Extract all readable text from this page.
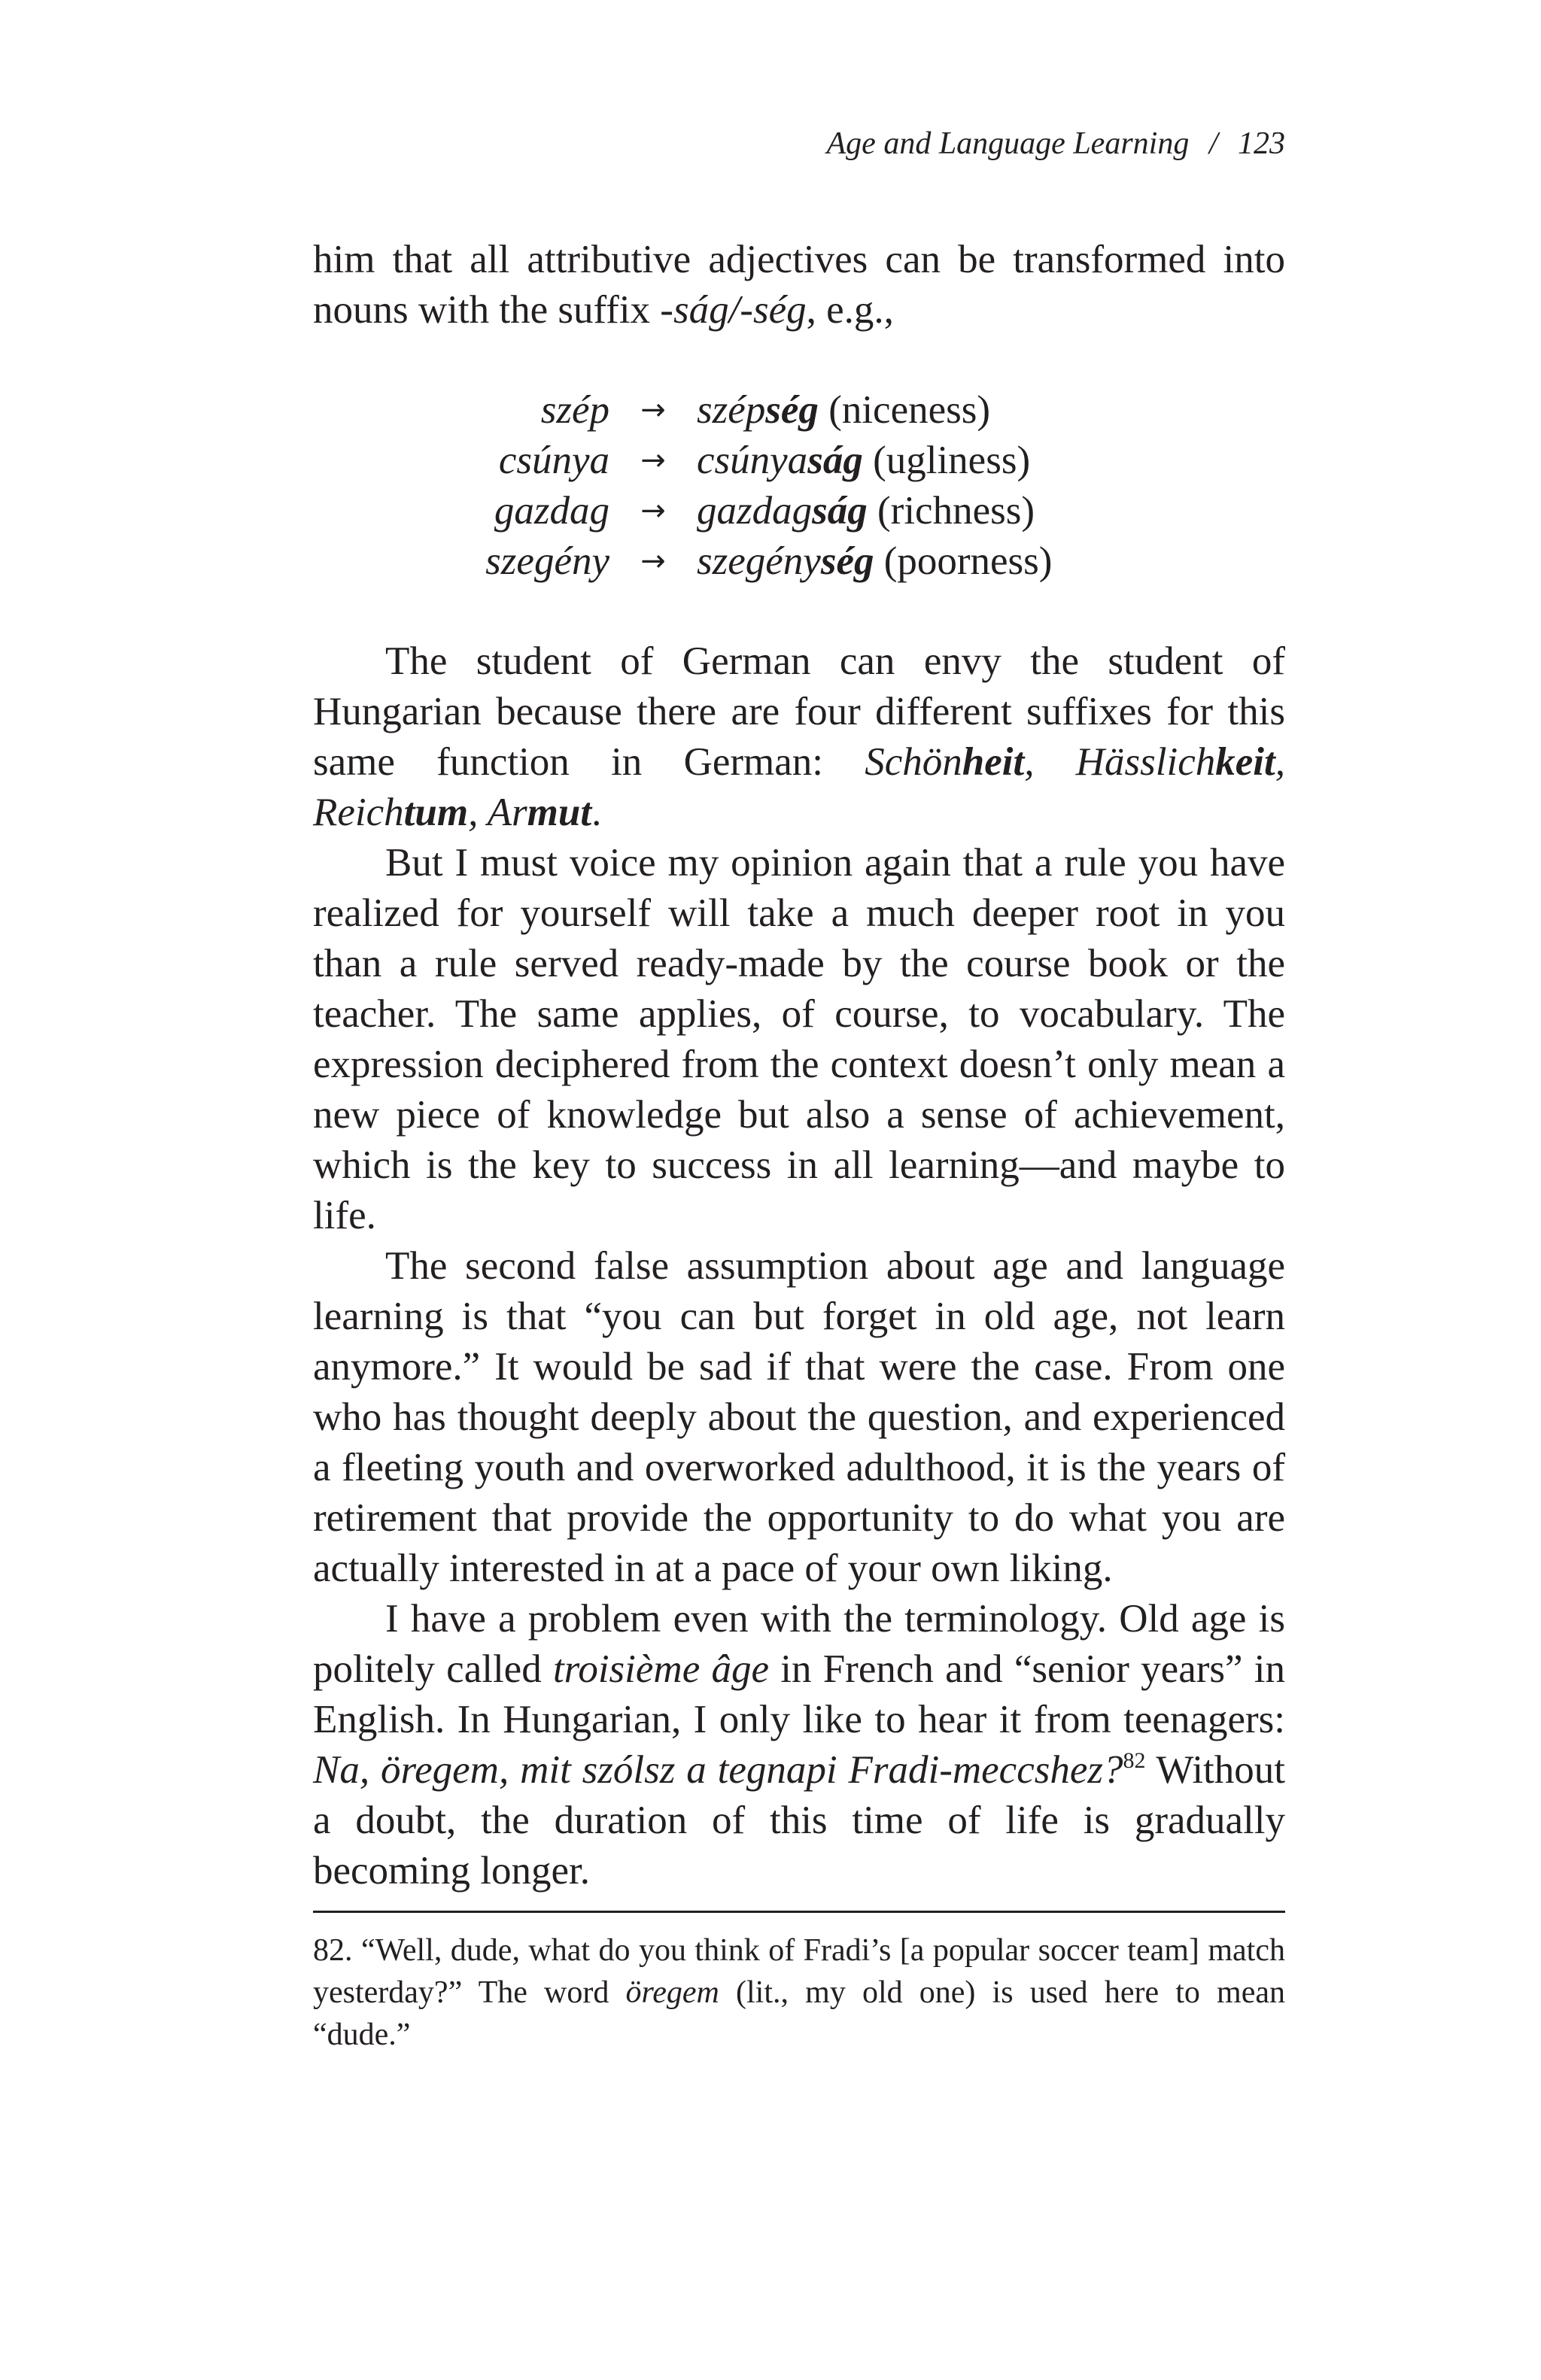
Age and Language Learning / 123

him that all attributive adjectives can be transformed into nouns with the suffix -ság/-ség, e.g.,

szép	→ szépség (niceness)
csúnya	→ csúnyaság (ugliness)
gazdag	→ gazdagság (richness)
szegény	→ szegénység (poorness)

The student of German can envy the student of Hungarian because there are four different suffixes for this same function in German: Schönheit, Hässlichkeit, Reichtum, Armut.

But I must voice my opinion again that a rule you have realized for yourself will take a much deeper root in you than a rule served ready-made by the course book or the teacher. The same applies, of course, to vocabulary. The expression deciphered from the context doesn’t only mean a new piece of knowledge but also a sense of achievement, which is the key to success in all learning—and maybe to life.

The second false assumption about age and language learning is that “you can but forget in old age, not learn anymore.” It would be sad if that were the case. From one who has thought deeply about the question, and experienced a fleeting youth and overworked adulthood, it is the years of retirement that provide the opportunity to do what you are actually interested in at a pace of your own liking.

I have a problem even with the terminology. Old age is politely called troisième âge in French and “senior years” in English. In Hungarian, I only like to hear it from teenagers: Na, öregem, mit szólsz a tegnapi Fradi-meccshez?$^{82}$ Without a doubt, the duration of this time of life is gradually becoming longer.

82. “Well, dude, what do you think of Fradi’s [a popular soccer team] match yesterday?” The word öregem (lit., my old one) is used here to mean “dude.”
